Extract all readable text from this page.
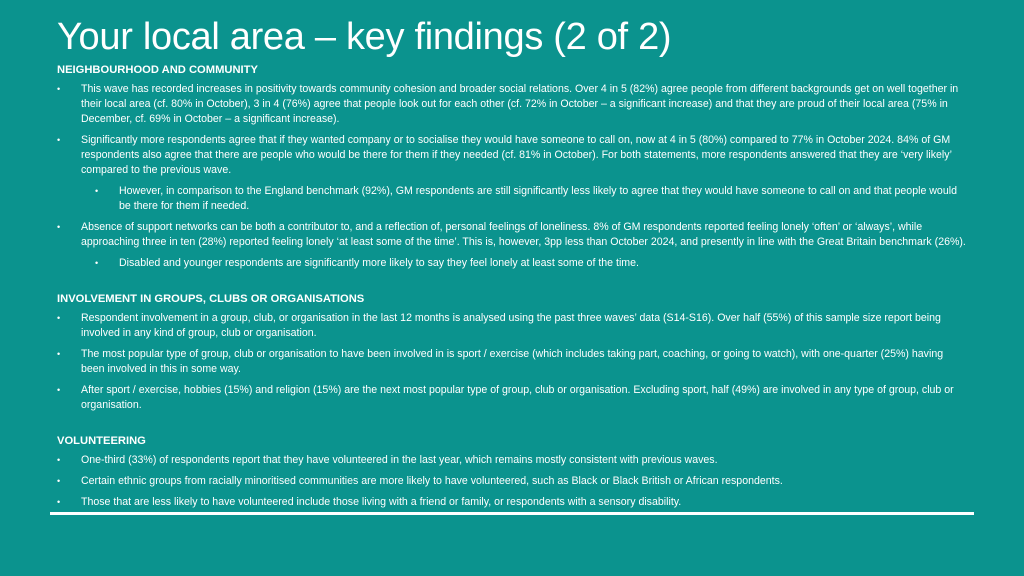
Your local area – key findings (2 of 2)
NEIGHBOURHOOD AND COMMUNITY
• This wave has recorded increases in positivity towards community cohesion and broader social relations. Over 4 in 5 (82%) agree people from different backgrounds get on well together in their local area (cf. 80% in October), 3 in 4 (76%) agree that people look out for each other (cf. 72% in October – a significant increase) and that they are proud of their local area (75% in December, cf. 69% in October – a significant increase).
• Significantly more respondents agree that if they wanted company or to socialise they would have someone to call on, now at 4 in 5 (80%) compared to 77% in October 2024. 84% of GM respondents also agree that there are people who would be there for them if they needed (cf. 81% in October). For both statements, more respondents answered that they are ‘very likely’ compared to the previous wave.
• However, in comparison to the England benchmark (92%), GM respondents are still significantly less likely to agree that they would have someone to call on and that people would be there for them if needed.
• Absence of support networks can be both a contributor to, and a reflection of, personal feelings of loneliness. 8% of GM respondents reported feeling lonely ‘often’ or ‘always’, while approaching three in ten (28%) reported feeling lonely ‘at least some of the time’. This is, however, 3pp less than October 2024, and presently in line with the Great Britain benchmark (26%).
• Disabled and younger respondents are significantly more likely to say they feel lonely at least some of the time.
INVOLVEMENT IN GROUPS, CLUBS OR ORGANISATIONS
• Respondent involvement in a group, club, or organisation in the last 12 months is analysed using the past three waves’ data (S14-S16). Over half (55%) of this sample size report being involved in any kind of group, club or organisation.
• The most popular type of group, club or organisation to have been involved in is sport / exercise (which includes taking part, coaching, or going to watch), with one-quarter (25%) having been involved in this in some way.
• After sport / exercise, hobbies (15%) and religion (15%) are the next most popular type of group, club or organisation. Excluding sport, half (49%) are involved in any type of group, club or organisation.
VOLUNTEERING
• One-third (33%) of respondents report that they have volunteered in the last year, which remains mostly consistent with previous waves.
• Certain ethnic groups from racially minoritised communities are more likely to have volunteered, such as Black or Black British or African respondents.
• Those that are less likely to have volunteered include those living with a friend or family, or respondents with a sensory disability.
